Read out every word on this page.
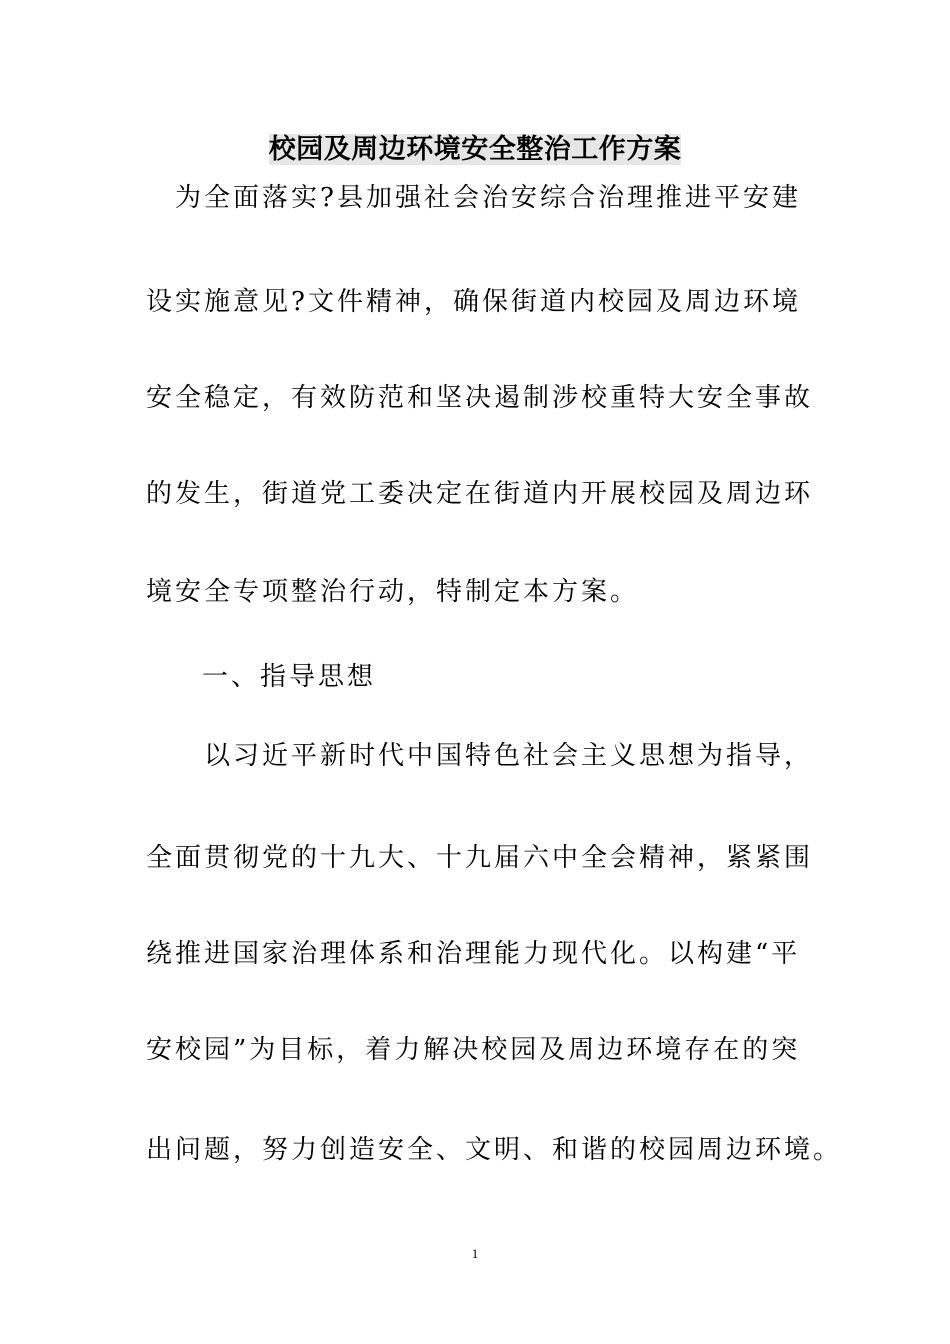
校园及周边环境安全整治工作方案
为全面落实?县加强社会治安综合治理推进平安建
设实施意见?文件精神，确保街道内校园及周边环境
安全稳定，有效防范和坚决遏制涉校重特大安全事故
的发生，街道党工委决定在街道内开展校园及周边环
境安全专项整治行动，特制定本方案。
一、指导思想
以习近平新时代中国特色社会主义思想为指导，
全面贯彻党的十九大、十九届六中全会精神，紧紧围
绕推进国家治理体系和治理能力现代化。以构建“平
安校园”为目标，着力解决校园及周边环境存在的突
出问题，努力创造安全、文明、和谐的校园周边环境。
1
